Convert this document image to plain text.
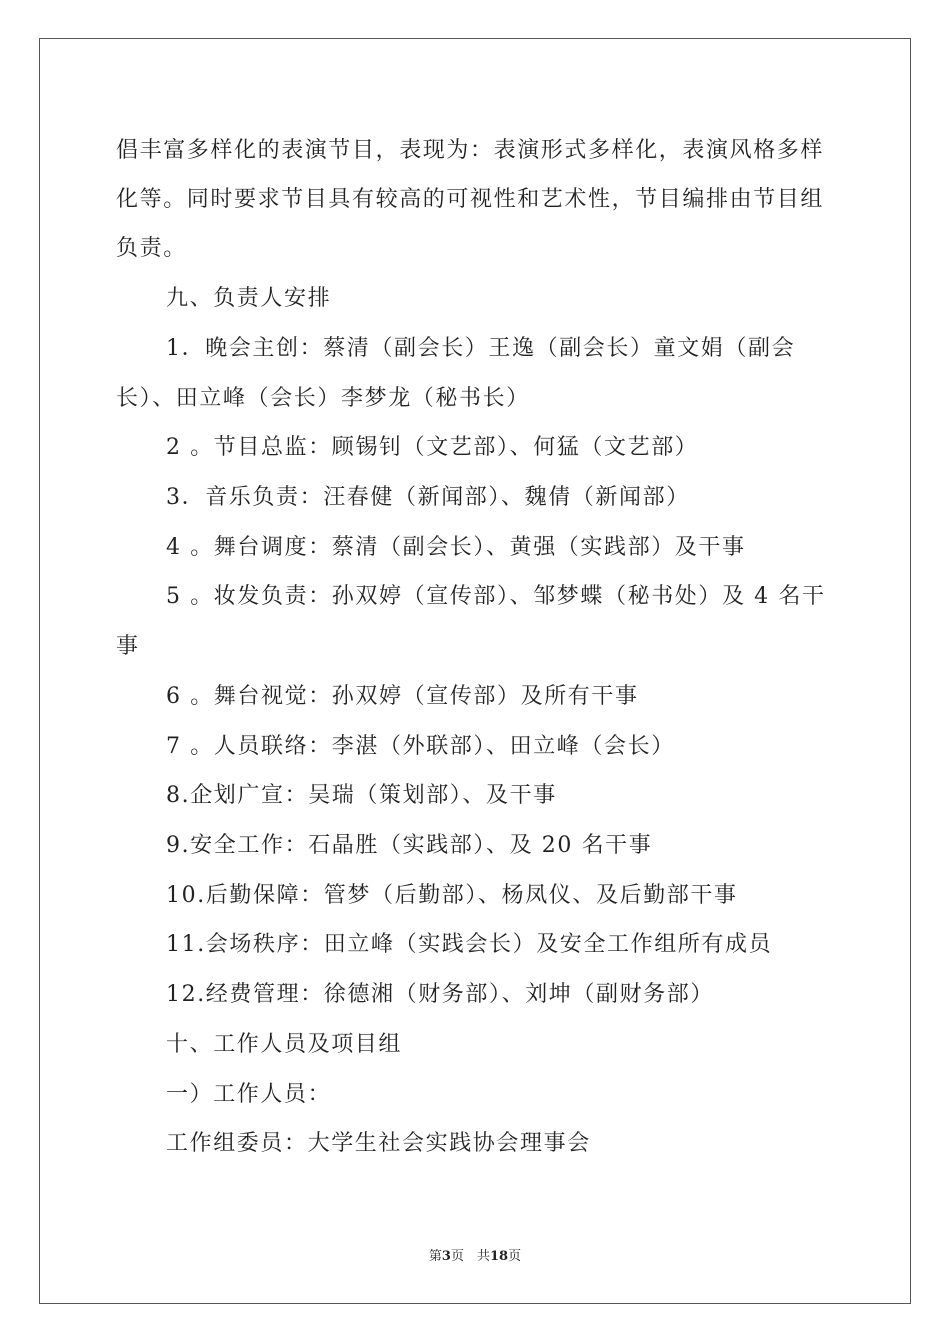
倡丰富多样化的表演节目，表现为：表演形式多样化，表演风格多样
化等。同时要求节目具有较高的可视性和艺术性，节目编排由节目组
负责。
九、负责人安排
1．晚会主创：蔡清（副会长）王逸（副会长）童文娟（副会
长）、田立峰（会长）李梦龙（秘书长）
2 。节目总监：顾锡钊（文艺部）、何猛（文艺部）
3．音乐负责：汪春健（新闻部）、魏倩（新闻部）
4 。舞台调度：蔡清（副会长）、黄强（实践部）及干事
5 。妆发负责：孙双婷（宣传部）、邹梦蝶（秘书处）及 4 名干
事
6 。舞台视觉：孙双婷（宣传部）及所有干事
7 。人员联络：李湛（外联部）、田立峰（会长）
8.企划广宣：吴瑞（策划部）、及干事
9.安全工作：石晶胜（实践部）、及 20 名干事
10.后勤保障：管梦（后勤部）、杨凤仪、及后勤部干事
11.会场秩序：田立峰（实践会长）及安全工作组所有成员
12.经费管理：徐德湘（财务部）、刘坤（副财务部）
十、工作人员及项目组
一）工作人员：
工作组委员：大学生社会实践协会理事会
第3页　共18页
